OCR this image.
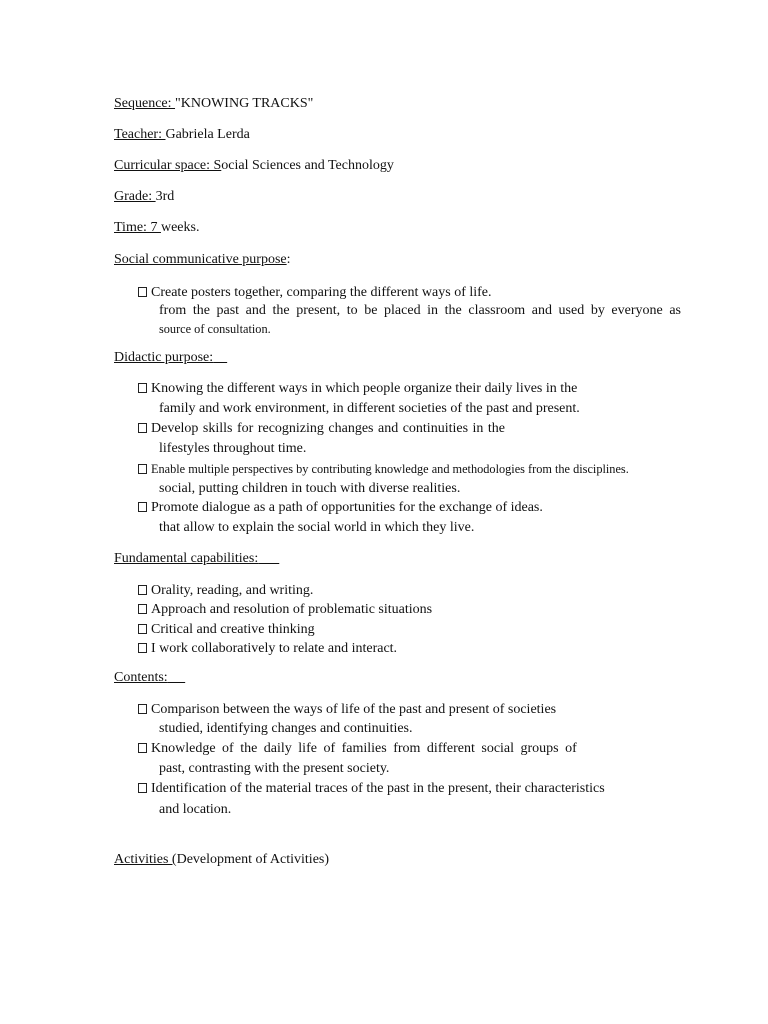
Sequence: "KNOWING TRACKS"
Teacher: Gabriela Lerda
Curricular space: Social Sciences and Technology
Grade: 3rd
Time: 7 weeks.
Social communicative purpose:
Create posters together, comparing the different ways of life.
from the past and the present, to be placed in the classroom and used by everyone as
source of consultation.
Didactic purpose:
Knowing the different ways in which people organize their daily lives in the
family and work environment, in different societies of the past and present.
Develop skills for recognizing changes and continuities in the
lifestyles throughout time.
Enable multiple perspectives by contributing knowledge and methodologies from the disciplines.
social, putting children in touch with diverse realities.
Promote dialogue as a path of opportunities for the exchange of ideas.
that allow to explain the social world in which they live.
Fundamental capabilities:
Orality, reading, and writing.
Approach and resolution of problematic situations
Critical and creative thinking
I work collaboratively to relate and interact.
Contents:
Comparison between the ways of life of the past and present of societies
studied, identifying changes and continuities.
Knowledge of the daily life of families from different social groups of
past, contrasting with the present society.
Identification of the material traces of the past in the present, their characteristics
and location.
Activities (Development of Activities)
